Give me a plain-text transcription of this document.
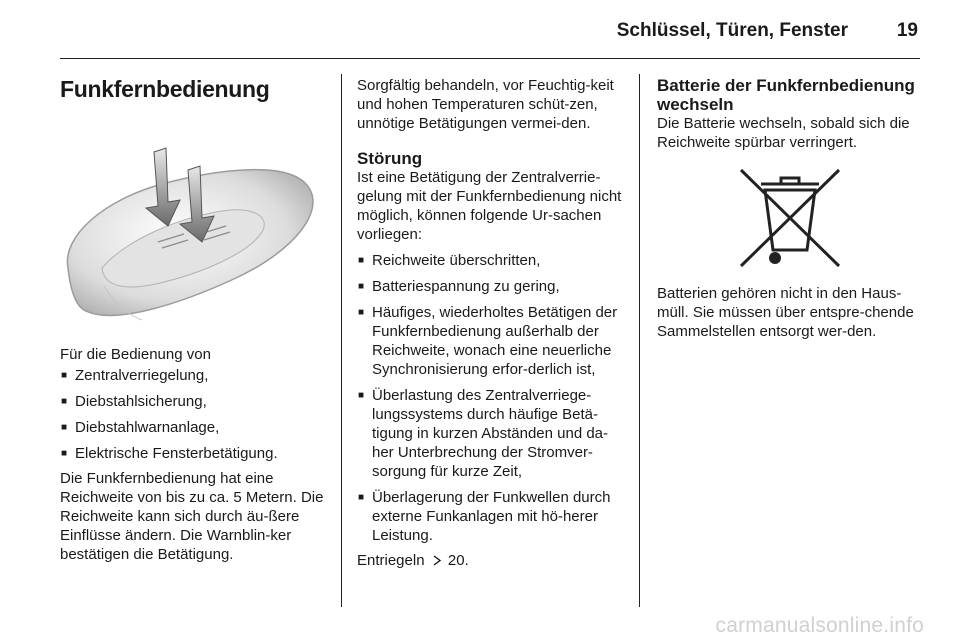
Schlüssel, Türen, Fenster	19
Funkfernbedienung

Für die Bedienung von

■ Zentralverriegelung,
■ Diebstahlsicherung,
■ Diebstahlwarnanlage,
■ Elektrische Fensterbetätigung.

Die Funkfernbedienung hat eine Reichweite von bis zu ca. 5 Metern. Die Reichweite kann sich durch äu-ßere Einflüsse ändern. Die Warnblin-ker bestätigen die Betätigung.

Sorgfältig behandeln, vor Feuchtig-keit und hohen Temperaturen schüt-zen, unnötige Betätigungen vermei-den.

Störung

Ist eine Betätigung der Zentralverrie-gelung mit der Funkfernbedienung nicht möglich, können folgende Ur-sachen vorliegen:

■ Reichweite überschritten,
■ Batteriespannung zu gering,
■ Häufiges, wiederholtes Betätigen der Funkfernbedienung außerhalb der Reichweite, wonach eine neuerliche Synchronisierung erfor-derlich ist,
■ Überlastung des Zentralverriege-lungssystems durch häufige Betä-tigung in kurzen Abständen und da-her Unterbrechung der Stromver-sorgung für kurze Zeit,
■ Überlagerung der Funkwellen durch externe Funkanlagen mit hö-herer Leistung.

Entriegeln 20.

Batterie der Funkfernbedienung wechseln

Die Batterie wechseln, sobald sich die Reichweite spürbar verringert.

Batterien gehören nicht in den Haus-müll. Sie müssen über entspre-chende Sammelstellen entsorgt wer-den.

carmanualsonline.info
